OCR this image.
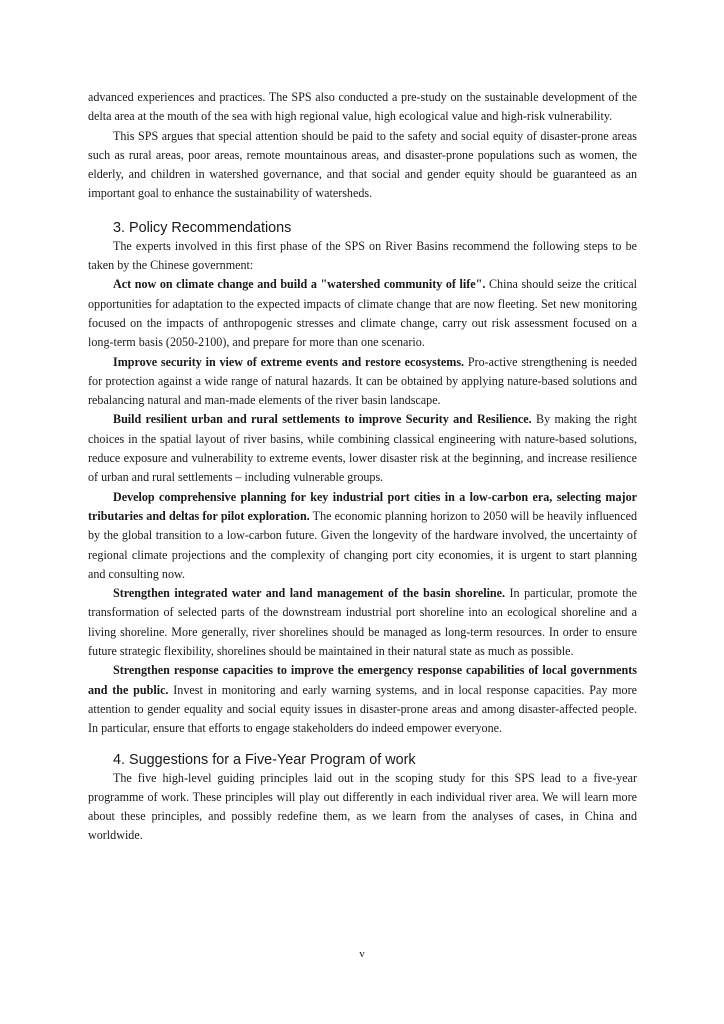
advanced experiences and practices. The SPS also conducted a pre-study on the sustainable development of the delta area at the mouth of the sea with high regional value, high ecological value and high-risk vulnerability.

This SPS argues that special attention should be paid to the safety and social equity of disaster-prone areas such as rural areas, poor areas, remote mountainous areas, and disaster-prone populations such as women, the elderly, and children in watershed governance, and that social and gender equity should be guaranteed as an important goal to enhance the sustainability of watersheds.

3. Policy Recommendations

The experts involved in this first phase of the SPS on River Basins recommend the following steps to be taken by the Chinese government:

Act now on climate change and build a "watershed community of life". China should seize the critical opportunities for adaptation to the expected impacts of climate change that are now fleeting. Set new monitoring focused on the impacts of anthropogenic stresses and climate change, carry out risk assessment focused on a long-term basis (2050-2100), and prepare for more than one scenario.

Improve security in view of extreme events and restore ecosystems. Pro-active strengthening is needed for protection against a wide range of natural hazards. It can be obtained by applying nature-based solutions and rebalancing natural and man-made elements of the river basin landscape.

Build resilient urban and rural settlements to improve Security and Resilience. By making the right choices in the spatial layout of river basins, while combining classical engineering with nature-based solutions, reduce exposure and vulnerability to extreme events, lower disaster risk at the beginning, and increase resilience of urban and rural settlements – including vulnerable groups.

Develop comprehensive planning for key industrial port cities in a low-carbon era, selecting major tributaries and deltas for pilot exploration. The economic planning horizon to 2050 will be heavily influenced by the global transition to a low-carbon future. Given the longevity of the hardware involved, the uncertainty of regional climate projections and the complexity of changing port city economies, it is urgent to start planning and consulting now.

Strengthen integrated water and land management of the basin shoreline. In particular, promote the transformation of selected parts of the downstream industrial port shoreline into an ecological shoreline and a living shoreline. More generally, river shorelines should be managed as long-term resources. In order to ensure future strategic flexibility, shorelines should be maintained in their natural state as much as possible.

Strengthen response capacities to improve the emergency response capabilities of local governments and the public. Invest in monitoring and early warning systems, and in local response capacities. Pay more attention to gender equality and social equity issues in disaster-prone areas and among disaster-affected people. In particular, ensure that efforts to engage stakeholders do indeed empower everyone.

4. Suggestions for a Five-Year Program of work

The five high-level guiding principles laid out in the scoping study for this SPS lead to a five-year programme of work. These principles will play out differently in each individual river area. We will learn more about these principles, and possibly redefine them, as we learn from the analyses of cases, in China and worldwide.

v
